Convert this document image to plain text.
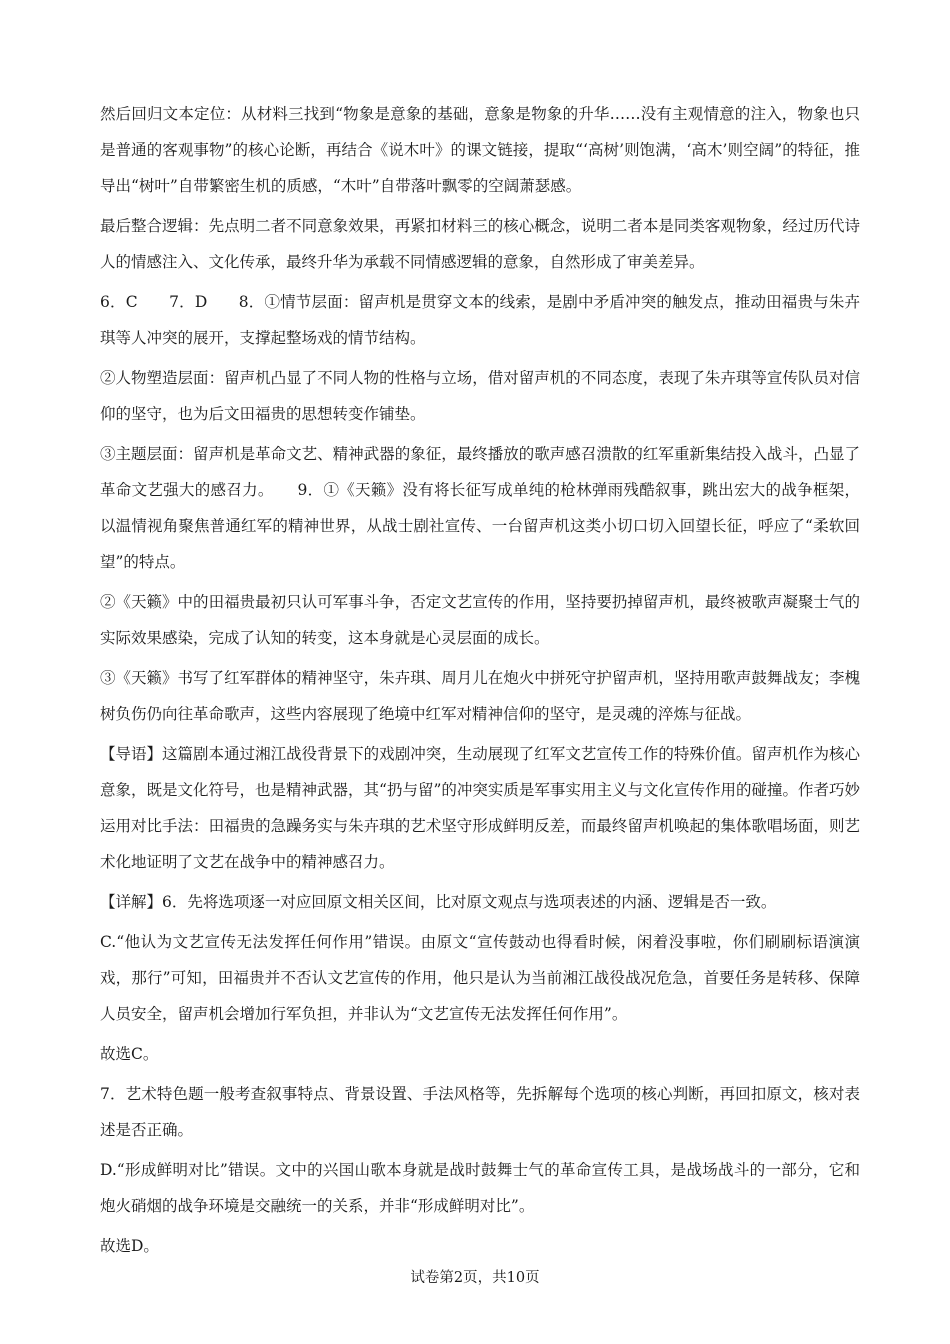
然后回归文本定位：从材料三找到“物象是意象的基础，意象是物象的升华……没有主观情意的注入，物象也只是普通的客观事物”的核心论断，再结合《说木叶》的课文链接，提取“‘高树’则饱满，‘高木’则空阔”的特征，推导出“树叶”自带繁密生机的质感，“木叶”自带落叶飘零的空阔萧瑟感。

最后整合逻辑：先点明二者不同意象效果，再紧扣材料三的核心概念，说明二者本是同类客观物象，经过历代诗人的情感注入、文化传承，最终升华为承载不同情感逻辑的意象，自然形成了审美差异。

6．C　　7．D　　8．①情节层面：留声机是贯穿文本的线索，是剧中矛盾冲突的触发点，推动田福贵与朱卉琪等人冲突的展开，支撑起整场戏的情节结构。

②人物塑造层面：留声机凸显了不同人物的性格与立场，借对留声机的不同态度，表现了朱卉琪等宣传队员对信仰的坚守，也为后文田福贵的思想转变作铺垫。

③主题层面：留声机是革命文艺、精神武器的象征，最终播放的歌声感召溃散的红军重新集结投入战斗，凸显了革命文艺强大的感召力。　　9．①《天籁》没有将长征写成单纯的枪林弹雨残酷叙事，跳出宏大的战争框架，以温情视角聚焦普通红军的精神世界，从战士剧社宣传、一台留声机这类小切口切入回望长征，呼应了“柔软回望”的特点。

②《天籁》中的田福贵最初只认可军事斗争，否定文艺宣传的作用，坚持要扔掉留声机，最终被歌声凝聚士气的实际效果感染，完成了认知的转变，这本身就是心灵层面的成长。

③《天籁》书写了红军群体的精神坚守，朱卉琪、周月儿在炮火中拼死守护留声机，坚持用歌声鼓舞战友；李槐树负伤仍向往革命歌声，这些内容展现了绝境中红军对精神信仰的坚守，是灵魂的淬炼与征战。

【导语】这篇剧本通过湘江战役背景下的戏剧冲突，生动展现了红军文艺宣传工作的特殊价值。留声机作为核心意象，既是文化符号，也是精神武器，其“扔与留”的冲突实质是军事实用主义与文化宣传作用的碰撞。作者巧妙运用对比手法：田福贵的急躁务实与朱卉琪的艺术坚守形成鲜明反差，而最终留声机唤起的集体歌唱场面，则艺术化地证明了文艺在战争中的精神感召力。

【详解】6．先将选项逐一对应回原文相关区间，比对原文观点与选项表述的内涵、逻辑是否一致。

C.“他认为文艺宣传无法发挥任何作用”错误。由原文“宣传鼓动也得看时候，闲着没事啦，你们刷刷标语演演戏，那行”可知，田福贵并不否认文艺宣传的作用，他只是认为当前湘江战役战况危急，首要任务是转移、保障人员安全，留声机会增加行军负担，并非认为“文艺宣传无法发挥任何作用”。

故选C。

7．艺术特色题一般考查叙事特点、背景设置、手法风格等，先拆解每个选项的核心判断，再回扣原文，核对表述是否正确。

D.“形成鲜明对比”错误。文中的兴国山歌本身就是战时鼓舞士气的革命宣传工具，是战场战斗的一部分，它和炮火硝烟的战争环境是交融统一的关系，并非“形成鲜明对比”。

故选D。

试卷第2页，共10页
